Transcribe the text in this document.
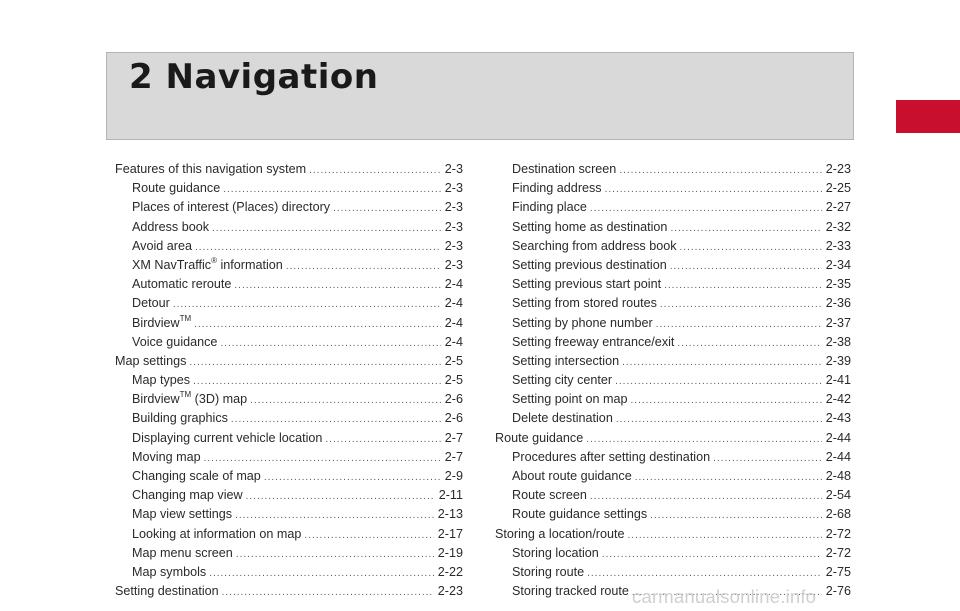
2 Navigation
Features of this navigation system .....	2-3
Route guidance .....	2-3
Places of interest (Places) directory .....	2-3
Address book .....	2-3
Avoid area .....	2-3
XM NavTraffic® information .....	2-3
Automatic reroute .....	2-4
Detour .....	2-4
Birdview™ .....	2-4
Voice guidance .....	2-4
Map settings .....	2-5
Map types .....	2-5
Birdview™ (3D) map .....	2-6
Building graphics .....	2-6
Displaying current vehicle location .....	2-7
Moving map .....	2-7
Changing scale of map .....	2-9
Changing map view .....	2-11
Map view settings .....	2-13
Looking at information on map .....	2-17
Map menu screen .....	2-19
Map symbols .....	2-22
Setting destination .....	2-23
Destination screen .....	2-23
Finding address .....	2-25
Finding place .....	2-27
Setting home as destination .....	2-32
Searching from address book .....	2-33
Setting previous destination .....	2-34
Setting previous start point .....	2-35
Setting from stored routes .....	2-36
Setting by phone number .....	2-37
Setting freeway entrance/exit .....	2-38
Setting intersection .....	2-39
Setting city center .....	2-41
Setting point on map .....	2-42
Delete destination .....	2-43
Route guidance .....	2-44
Procedures after setting destination .....	2-44
About route guidance .....	2-48
Route screen .....	2-54
Route guidance settings .....	2-68
Storing a location/route .....	2-72
Storing location .....	2-72
Storing route .....	2-75
Storing tracked route .....	2-76
carmanualsonline.info
